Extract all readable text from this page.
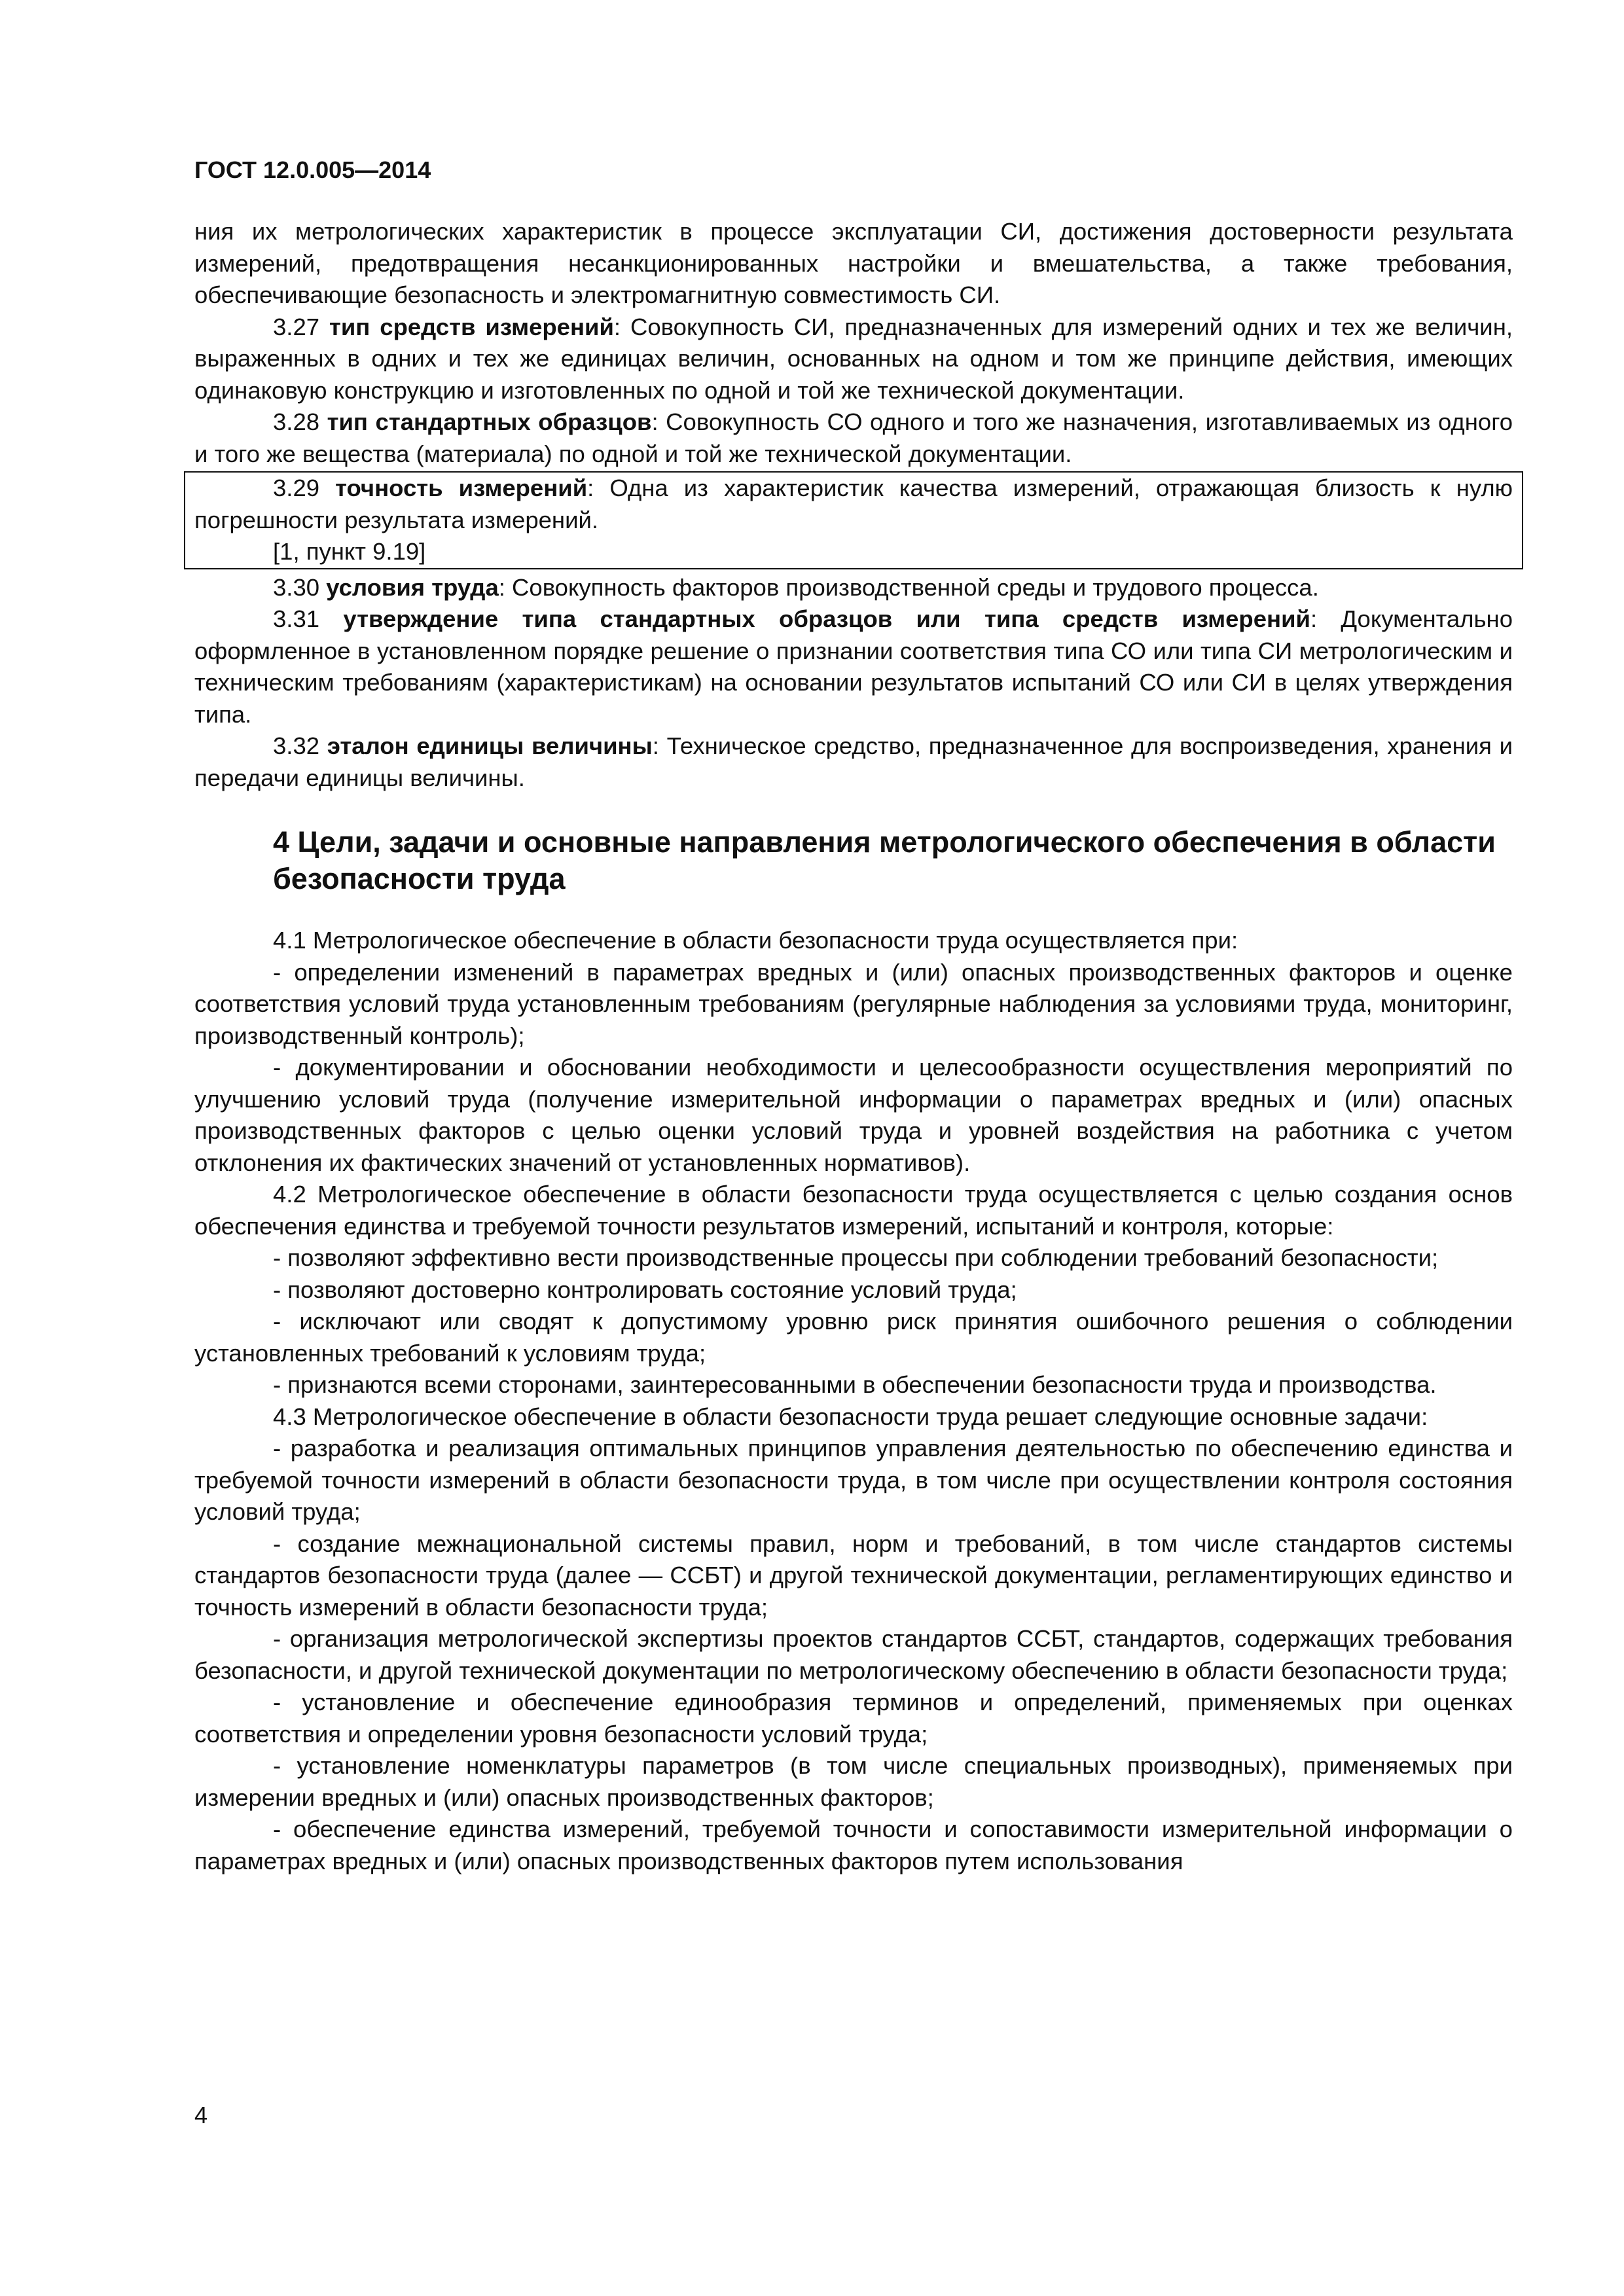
ГОСТ 12.0.005—2014

ния их метрологических характеристик в процессе эксплуатации СИ, достижения достоверности результата измерений, предотвращения несанкционированных настройки и вмешательства, а также требования, обеспечивающие безопасность и электромагнитную совместимость СИ.

3.27 тип средств измерений: Совокупность СИ, предназначенных для измерений одних и тех же величин, выраженных в одних и тех же единицах величин, основанных на одном и том же принципе действия, имеющих одинаковую конструкцию и изготовленных по одной и той же технической документации.

3.28 тип стандартных образцов: Совокупность СО одного и того же назначения, изготавливаемых из одного и того же вещества (материала) по одной и той же технической документации.

3.29 точность измерений: Одна из характеристик качества измерений, отражающая близость к нулю погрешности результата измерений.

[1, пункт 9.19]

3.30 условия труда: Совокупность факторов производственной среды и трудового процесса.

3.31 утверждение типа стандартных образцов или типа средств измерений: Документально оформленное в установленном порядке решение о признании соответствия типа СО или типа СИ метрологическим и техническим требованиям (характеристикам) на основании результатов испытаний СО или СИ в целях утверждения типа.

3.32 эталон единицы величины: Техническое средство, предназначенное для воспроизведения, хранения и передачи единицы величины.

4 Цели, задачи и основные направления метрологического обеспечения в области безопасности труда

4.1 Метрологическое обеспечение в области безопасности труда осуществляется при:

- определении изменений в параметрах вредных и (или) опасных производственных факторов и оценке соответствия условий труда установленным требованиям (регулярные наблюдения за условиями труда, мониторинг, производственный контроль);

- документировании и обосновании необходимости и целесообразности осуществления мероприятий по улучшению условий труда (получение измерительной информации о параметрах вредных и (или) опасных производственных факторов с целью оценки условий труда и уровней воздействия на работника с учетом отклонения их фактических значений от установленных нормативов).

4.2 Метрологическое обеспечение в области безопасности труда осуществляется с целью создания основ обеспечения единства и требуемой точности результатов измерений, испытаний и контроля, которые:

- позволяют эффективно вести производственные процессы при соблюдении требований безопасности;

- позволяют достоверно контролировать состояние условий труда;

- исключают или сводят к допустимому уровню риск принятия ошибочного решения о соблюдении установленных требований к условиям труда;

- признаются всеми сторонами, заинтересованными в обеспечении безопасности труда и производства.

4.3 Метрологическое обеспечение в области безопасности труда решает следующие основные задачи:

- разработка и реализация оптимальных принципов управления деятельностью по обеспечению единства и требуемой точности измерений в области безопасности труда, в том числе при осуществлении контроля состояния условий труда;

- создание межнациональной системы правил, норм и требований, в том числе стандартов системы стандартов безопасности труда (далее — ССБТ) и другой технической документации, регламентирующих единство и точность измерений в области безопасности труда;

- организация метрологической экспертизы проектов стандартов ССБТ, стандартов, содержащих требования безопасности, и другой технической документации по метрологическому обеспечению в области безопасности труда;

- установление и обеспечение единообразия терминов и определений, применяемых при оценках соответствия и определении уровня безопасности условий труда;

- установление номенклатуры параметров (в том числе специальных производных), применяемых при измерении вредных и (или) опасных производственных факторов;

- обеспечение единства измерений, требуемой точности и сопоставимости измерительной информации о параметрах вредных и (или) опасных производственных факторов путем использования

4
